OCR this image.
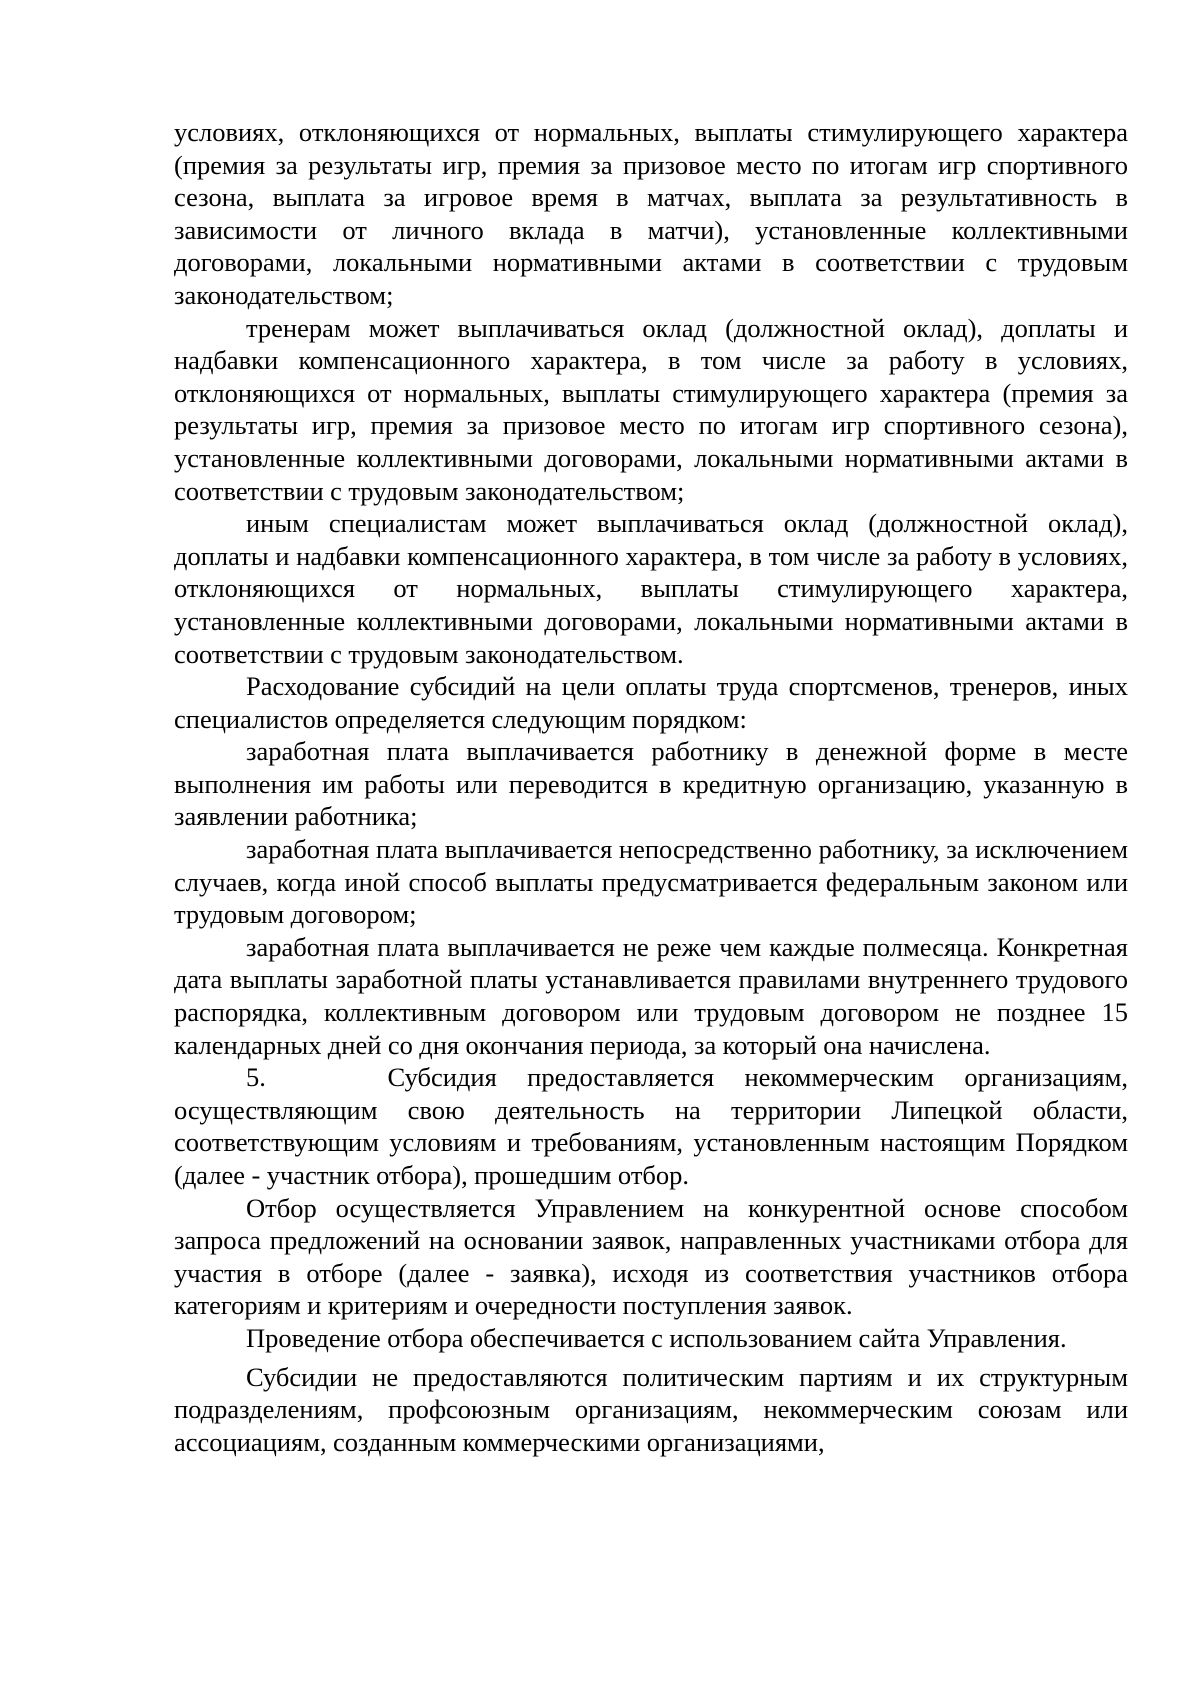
условиях, отклоняющихся от нормальных, выплаты стимулирующего характера (премия за результаты игр, премия за призовое место по итогам игр спортивного сезона, выплата за игровое время в матчах, выплата за результативность в зависимости от личного вклада в матчи), установленные коллективными договорами, локальными нормативными актами в соответствии с трудовым законодательством;

тренерам может выплачиваться оклад (должностной оклад), доплаты и надбавки компенсационного характера, в том числе за работу в условиях, отклоняющихся от нормальных, выплаты стимулирующего характера (премия за результаты игр, премия за призовое место по итогам игр спортивного сезона), установленные коллективными договорами, локальными нормативными актами в соответствии с трудовым законодательством;

иным специалистам может выплачиваться оклад (должностной оклад), доплаты и надбавки компенсационного характера, в том числе за работу в условиях, отклоняющихся от нормальных, выплаты стимулирующего характера, установленные коллективными договорами, локальными нормативными актами в соответствии с трудовым законодательством.

Расходование субсидий на цели оплаты труда спортсменов, тренеров, иных специалистов определяется следующим порядком:

заработная плата выплачивается работнику в денежной форме в месте выполнения им работы или переводится в кредитную организацию, указанную в заявлении работника;

заработная плата выплачивается непосредственно работнику, за исключением случаев, когда иной способ выплаты предусматривается федеральным законом или трудовым договором;

заработная плата выплачивается не реже чем каждые полмесяца. Конкретная дата выплаты заработной платы устанавливается правилами внутреннего трудового распорядка, коллективным договором или трудовым договором не позднее 15 календарных дней со дня окончания периода, за который она начислена.

5.    Субсидия предоставляется некоммерческим организациям, осуществляющим свою деятельность на территории Липецкой области, соответствующим условиям и требованиям, установленным настоящим Порядком (далее - участник отбора), прошедшим отбор.

Отбор осуществляется Управлением на конкурентной основе способом запроса предложений на основании заявок, направленных участниками отбора для участия в отборе (далее - заявка), исходя из соответствия участников отбора категориям и критериям и очередности поступления заявок.

Проведение отбора обеспечивается с использованием сайта Управления.

Субсидии не предоставляются политическим партиям и их структурным подразделениям, профсоюзным организациям, некоммерческим союзам или ассоциациям, созданным коммерческими организациями,
